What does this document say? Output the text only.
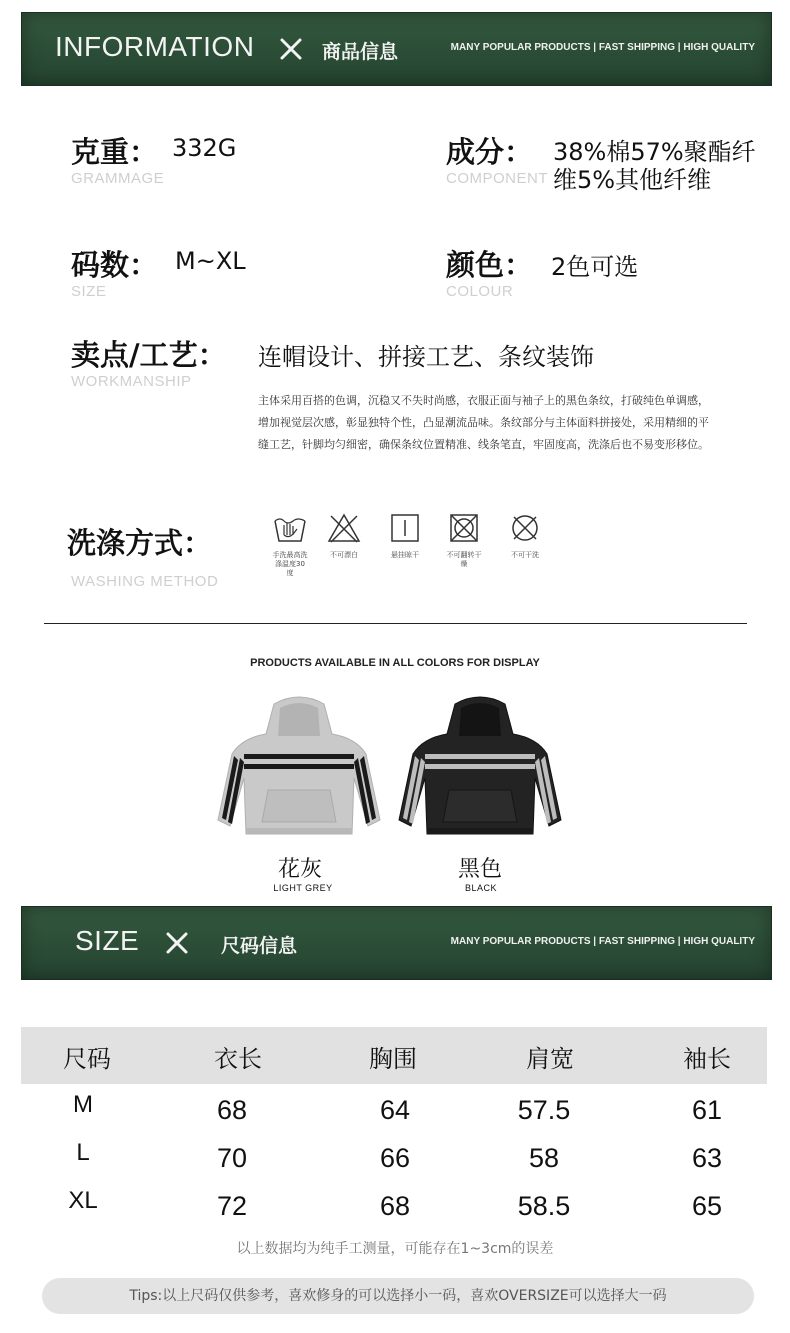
INFORMATION	商品信息	MANY POPULAR PRODUCTS | FAST SHIPPING | HIGH QUALITY
克重： 332G
GRAMMAGE
成分： 38%棉57%聚酯纤
维5%其他纤维
COMPONENT
码数： M~XL
SIZE
颜色： 2色可选
COLOUR
卖点/工艺： 连帽设计、拼接工艺、条纹装饰
WORKMANSHIP
主体采用百搭的色调，沉稳又不失时尚感，衣服正面与袖子上的黑色条纹，打破纯色单调感，
增加视觉层次感，彰显独特个性，凸显潮流品味。条纹部分与主体面料拼接处，采用精细的平
缝工艺，针脚均匀细密，确保条纹位置精准、线条笔直，牢固度高，洗涤后也不易变形移位。
洗涤方式：
WASHING METHOD
手洗最高洗
涤温度30
度
不可漂白	悬挂晾干	不可翻转干
燥
不可干洗
PRODUCTS AVAILABLE IN ALL COLORS FOR DISPLAY
花灰
LIGHT GREY
黑色
BLACK
SIZE	尺码信息	MANY POPULAR PRODUCTS | FAST SHIPPING | HIGH QUALITY
尺码	衣长	胸围	肩宽	袖长
M	68	64	57.5	61
L	70	66	58	63
XL	72	68	58.5	65
以上数据均为纯手工测量，可能存在1~3cm的误差
Tips:以上尺码仅供参考，喜欢修身的可以选择小一码，喜欢OVERSIZE可以选择大一码
